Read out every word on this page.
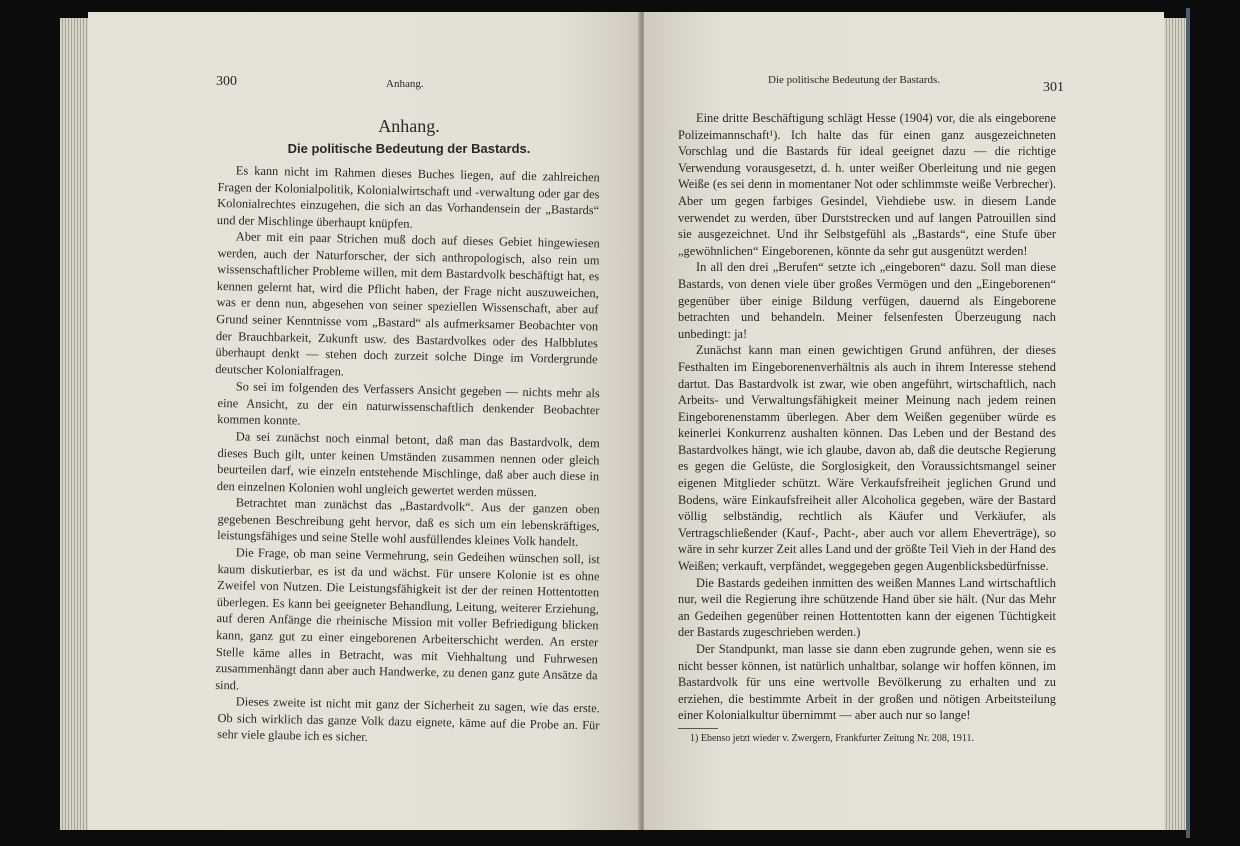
300	Anhang.
Anhang.
Die politische Bedeutung der Bastards.

Es kann nicht im Rahmen dieses Buches liegen, auf die zahlreichen Fragen der Kolonialpolitik, Kolonialwirtschaft und -verwaltung oder gar des Kolonialrechtes einzugehen, die sich an das Vorhandensein der „Bastards“ und der Mischlinge überhaupt knüpfen.

Aber mit ein paar Strichen muß doch auf dieses Gebiet hingewiesen werden, auch der Naturforscher, der sich anthropologisch, also rein um wissenschaftlicher Probleme willen, mit dem Bastardvolk beschäftigt hat, es kennen gelernt hat, wird die Pflicht haben, der Frage nicht auszuweichen, was er denn nun, abgesehen von seiner speziellen Wissenschaft, aber auf Grund seiner Kenntnisse vom „Bastard“ als aufmerksamer Beobachter von der Brauchbarkeit, Zukunft usw. des Bastardvolkes oder des Halbblutes überhaupt denkt — stehen doch zurzeit solche Dinge im Vordergrunde deutscher Kolonialfragen.

So sei im folgenden des Verfassers Ansicht gegeben — nichts mehr als eine Ansicht, zu der ein naturwissenschaftlich denkender Beobachter kommen konnte.

Da sei zunächst noch einmal betont, daß man das Bastardvolk, dem dieses Buch gilt, unter keinen Umständen zusammen nennen oder gleich beurteilen darf, wie einzeln entstehende Mischlinge, daß aber auch diese in den einzelnen Kolonien wohl ungleich gewertet werden müssen.

Betrachtet man zunächst das „Bastardvolk“. Aus der ganzen oben gegebenen Beschreibung geht hervor, daß es sich um ein lebenskräftiges, leistungsfähiges und seine Stelle wohl ausfüllendes kleines Volk handelt.

Die Frage, ob man seine Vermehrung, sein Gedeihen wünschen soll, ist kaum diskutierbar, es ist da und wächst. Für unsere Kolonie ist es ohne Zweifel von Nutzen. Die Leistungsfähigkeit ist der der reinen Hottentotten überlegen. Es kann bei geeigneter Behandlung, Leitung, weiterer Erziehung, auf deren Anfänge die rheinische Mission mit voller Befriedigung blicken kann, ganz gut zu einer eingeborenen Arbeiterschicht werden. An erster Stelle käme alles in Betracht, was mit Viehhaltung und Fuhrwesen zusammenhängt dann aber auch Handwerke, zu denen ganz gute Ansätze da sind.

Dieses zweite ist nicht mit ganz der Sicherheit zu sagen, wie das erste. Ob sich wirklich das ganze Volk dazu eignete, käme auf die Probe an. Für sehr viele glaube ich es sicher.

Die politische Bedeutung der Bastards.	301

Eine dritte Beschäftigung schlägt Hesse (1904) vor, die als eingeborene Polizeimannschaft¹). Ich halte das für einen ganz ausgezeichneten Vorschlag und die Bastards für ideal geeignet dazu — die richtige Verwendung vorausgesetzt, d. h. unter weißer Oberleitung und nie gegen Weiße (es sei denn in momentaner Not oder schlimmste weiße Verbrecher). Aber um gegen farbiges Gesindel, Viehdiebe usw. in diesem Lande verwendet zu werden, über Durststrecken und auf langen Patrouillen sind sie ausgezeichnet. Und ihr Selbstgefühl als „Bastards“, eine Stufe über „gewöhnlichen“ Eingeborenen, könnte da sehr gut ausgenützt werden!

In all den drei „Berufen“ setzte ich „eingeboren“ dazu. Soll man diese Bastards, von denen viele über großes Vermögen und den „Eingeborenen“ gegenüber über einige Bildung verfügen, dauernd als Eingeborene betrachten und behandeln. Meiner felsenfesten Überzeugung nach unbedingt: ja!

Zunächst kann man einen gewichtigen Grund anführen, der dieses Festhalten im Eingeborenenverhältnis als auch in ihrem Interesse stehend dartut. Das Bastardvolk ist zwar, wie oben angeführt, wirtschaftlich, nach Arbeits- und Verwaltungsfähigkeit meiner Meinung nach jedem reinen Eingeborenenstamm überlegen. Aber dem Weißen gegenüber würde es keinerlei Konkurrenz aushalten können. Das Leben und der Bestand des Bastardvolkes hängt, wie ich glaube, davon ab, daß die deutsche Regierung es gegen die Gelüste, die Sorglosigkeit, den Voraussichtsmangel seiner eigenen Mitglieder schützt. Wäre Verkaufsfreiheit jeglichen Grund und Bodens, wäre Einkaufsfreiheit aller Alcoholica gegeben, wäre der Bastard völlig selbständig, rechtlich als Käufer und Verkäufer, als Vertragschließender (Kauf-, Pacht-, aber auch vor allem Eheverträge), so wäre in sehr kurzer Zeit alles Land und der größte Teil Vieh in der Hand des Weißen; verkauft, verpfändet, weggegeben gegen Augenblicksbedürfnisse.

Die Bastards gedeihen inmitten des weißen Mannes Land wirtschaftlich nur, weil die Regierung ihre schützende Hand über sie hält. (Nur das Mehr an Gedeihen gegenüber reinen Hottentotten kann der eigenen Tüchtigkeit der Bastards zugeschrieben werden.)

Der Standpunkt, man lasse sie dann eben zugrunde gehen, wenn sie es nicht besser können, ist natürlich unhaltbar, solange wir hoffen können, im Bastardvolk für uns eine wertvolle Bevölkerung zu erhalten und zu erziehen, die bestimmte Arbeit in der großen und nötigen Arbeitsteilung einer Kolonialkultur übernimmt — aber auch nur so lange!

1) Ebenso jetzt wieder v. Zwergern, Frankfurter Zeitung Nr. 208, 1911.
